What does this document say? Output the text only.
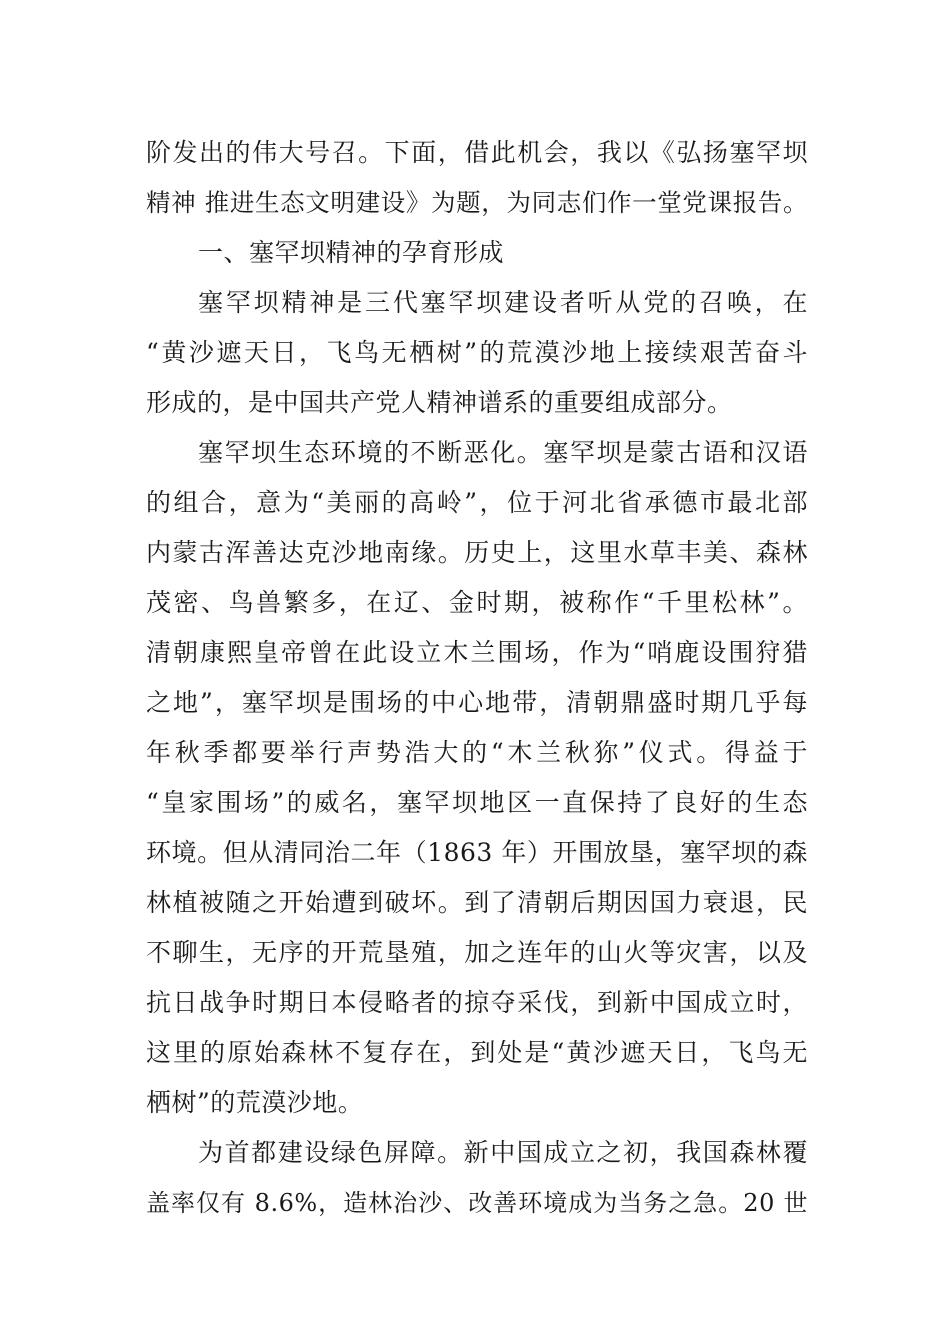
阶发出的伟大号召。下面，借此机会，我以《弘扬塞罕坝
精神 推进生态文明建设》为题，为同志们作一堂党课报告。
一、塞罕坝精神的孕育形成
塞罕坝精神是三代塞罕坝建设者听从党的召唤，在
“黄沙遮天日，飞鸟无栖树”的荒漠沙地上接续艰苦奋斗
形成的，是中国共产党人精神谱系的重要组成部分。
塞罕坝生态环境的不断恶化。塞罕坝是蒙古语和汉语
的组合，意为“美丽的高岭”，位于河北省承德市最北部
内蒙古浑善达克沙地南缘。历史上，这里水草丰美、森林
茂密、鸟兽繁多，在辽、金时期，被称作“千里松林”。
清朝康熙皇帝曾在此设立木兰围场，作为“哨鹿设围狩猎
之地”，塞罕坝是围场的中心地带，清朝鼎盛时期几乎每
年秋季都要举行声势浩大的“木兰秋狝”仪式。得益于
“皇家围场”的威名，塞罕坝地区一直保持了良好的生态
环境。但从清同治二年（1863 年）开围放垦，塞罕坝的森
林植被随之开始遭到破坏。到了清朝后期因国力衰退，民
不聊生，无序的开荒垦殖，加之连年的山火等灾害，以及
抗日战争时期日本侵略者的掠夺采伐，到新中国成立时，
这里的原始森林不复存在，到处是“黄沙遮天日，飞鸟无
栖树”的荒漠沙地。
为首都建设绿色屏障。新中国成立之初，我国森林覆
盖率仅有 8.6%，造林治沙、改善环境成为当务之急。20 世
